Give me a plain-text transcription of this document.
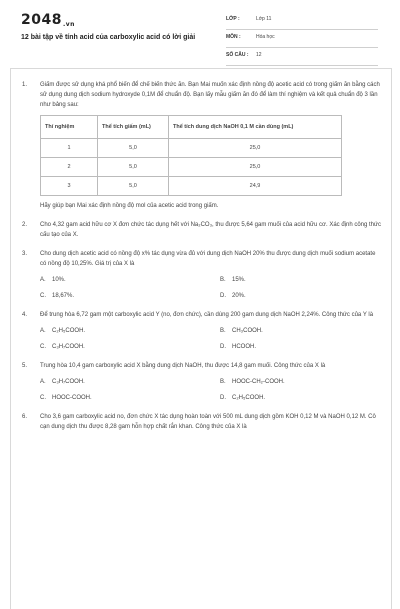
2048.vn
12 bài tập về tính acid của carboxylic acid có lời giải
LỚP :	Lớp 11
MÔN :	Hóa học
SỐ CÂU : 12
1. Giấm được sử dụng khá phổ biến để chế biến thức ăn. Bạn Mai muốn xác định nồng độ acetic acid có trong giấm ăn bằng cách sử dụng dung dịch sodium hydroxyde 0,1M để chuẩn độ. Bạn lấy mẫu giấm ăn đó để làm thí nghiệm và kết quả chuẩn độ 3 lần như bảng sau:

Thí nghiệm	Thể tích giấm (mL)	Thể tích dung dịch NaOH 0,1 M cần dùng (mL)
1	5,0	25,0
2	5,0	25,0
3	5,0	24,9

Hãy giúp bạn Mai xác định nồng độ mol của acetic acid trong giấm.

2. Cho 4,32 gam acid hữu cơ X đơn chức tác dụng hết với Na₂CO₃, thu được 5,64 gam muối của acid hữu cơ. Xác định công thức cấu tạo của X.

3. Cho dung dịch acetic acid có nồng độ x% tác dụng vừa đủ với dung dịch NaOH 20% thu được dung dịch muối sodium acetate có nồng độ 10,25%. Giá trị của X là

A. 10%.	B. 15%.
C. 18,67%.	D. 20%.
4. Để trung hòa 6,72 gam một carboxylic acid Y (no, đơn chức), cần dùng 200 gam dung dịch NaOH 2,24%. Công thức của Y là

A. C₂H₅COOH.	B. CH₃COOH.
C. C₃H₇COOH.	D. HCOOH.
5. Trung hòa 10,4 gam carboxylic acid X bằng dung dịch NaOH, thu được 14,8 gam muối. Công thức của X là

A. C₃H₇COOH.	B. HOOC-CH₂-COOH.
C. HOOC-COOH.	D. C₂H₅COOH.
6. Cho 3,6 gam carboxylic acid no, đơn chức X tác dụng hoàn toàn với 500 mL dung dịch gồm KOH 0,12 M và NaOH 0,12 M. Cô cạn dung dịch thu được 8,28 gam hỗn hợp chất rắn khan. Công thức của X là
